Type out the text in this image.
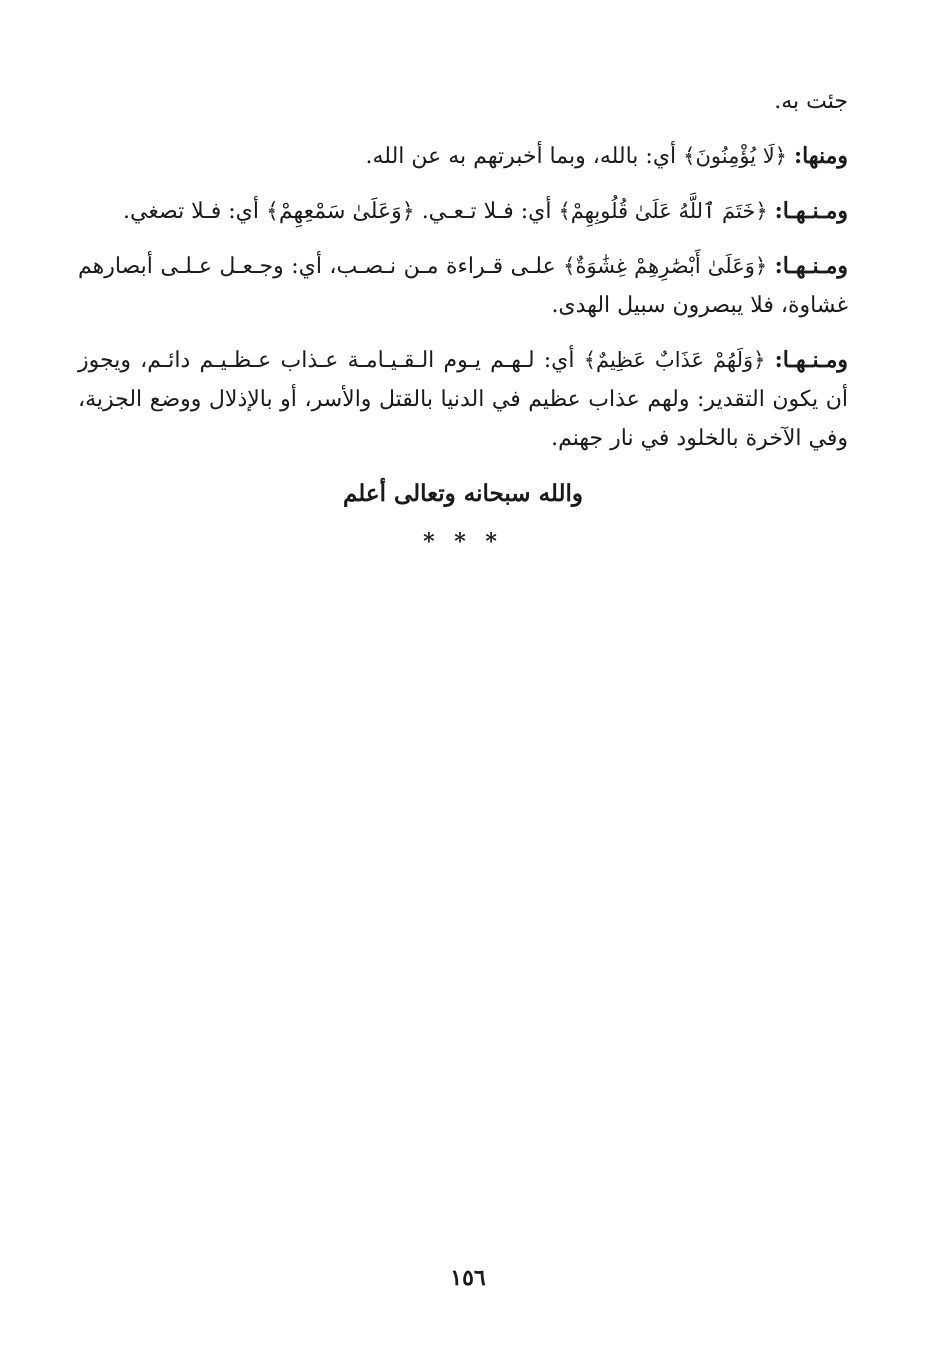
جئت به.

ومنها: ﴿لَا يُؤْمِنُونَ﴾ أي: بالله، وبما أخبرتهم به عن الله.

ومـنـهـا: ﴿خَتَمَ ٱللَّهُ عَلَىٰ قُلُوبِهِمْ﴾ أي: فـلا تـعـي. ﴿وَعَلَىٰ سَمْعِهِمْ﴾ أي: فـلا تصغي.

ومـنـهـا: ﴿وَعَلَىٰ أَبْصَٰرِهِمْ غِشَٰوَةٌ﴾ علـى قـراءة مـن نـصـب، أي: وجـعـل عـلـى أبصارهم غشاوة، فلا يبصرون سبيل الهدى.

ومـنـهـا: ﴿وَلَهُمْ عَذَابٌ عَظِيمٌ﴾ أي: لـهـم يـوم الـقـيـامـة عـذاب عـظـيـم دائـم، ويجوز أن يكون التقدير: ولهم عذاب عظيم في الدنيا بالقتل والأسر، أو بالإذلال ووضع الجزية، وفي الآخرة بالخلود في نار جهنم.

والله سبحانه وتعالى أعلم
* * *
١٥٦
